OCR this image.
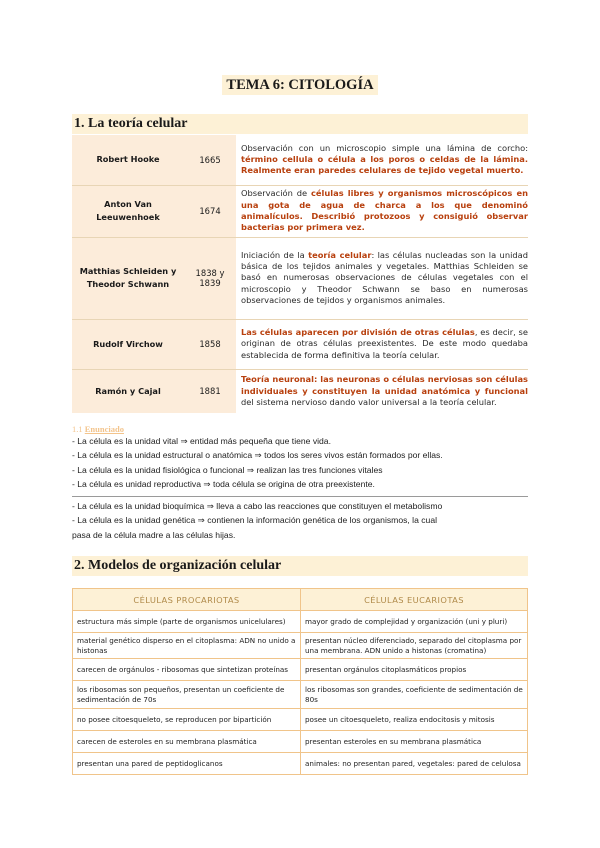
TEMA 6: CITOLOGÍA
1. La teoría celular
Robert Hooke	1665	Observación con un microscopio simple una lámina de corcho: término cellula o célula a los poros o celdas de la lámina. Realmente eran paredes celulares de tejido vegetal muerto.
Anton Van Leeuwenhoek	1674	Observación de células libres y organismos microscópicos en una gota de agua de charca a los que denominó animalículos. Describió protozoos y consiguió observar bacterias por primera vez.
Matthias Schleiden y Theodor Schwann	1838 y 1839	Iniciación de la teoría celular: las células nucleadas son la unidad básica de los tejidos animales y vegetales. Matthias Schleiden se basó en numerosas observaciones de células vegetales con el microscopio y Theodor Schwann se baso en numerosas observaciones de tejidos y organismos animales.
Rudolf Virchow	1858	Las células aparecen por división de otras células, es decir, se originan de otras células preexistentes. De este modo quedaba establecida de forma definitiva la teoría celular.
Ramón y Cajal	1881	Teoría neuronal: las neuronas o células nerviosas son células individuales y constituyen la unidad anatómica y funcional del sistema nervioso dando valor universal a la teoría celular.
1.1 Enunciado
- La célula es la unidad vital ⇒ entidad más pequeña que tiene vida.
- La célula es la unidad estructural o anatómica ⇒ todos los seres vivos están formados por ellas.
- La célula es la unidad fisiológica o funcional ⇒ realizan las tres funciones vitales
- La célula es unidad reproductiva ⇒ toda célula se origina de otra preexistente.
- La célula es la unidad bioquímica ⇒ lleva a cabo las reacciones que constituyen el metabolismo
- La célula es la unidad genética ⇒ contienen la información genética de los organismos, la cual
pasa de la célula madre a las células hijas.
2. Modelos de organización celular
CÉLULAS PROCARIOTAS	CÉLULAS EUCARIOTAS
estructura más simple (parte de organismos unicelulares)	mayor grado de complejidad y organización (uni y pluri)
material genético disperso en el citoplasma: ADN no unido a histonas	presentan núcleo diferenciado, separado del citoplasma por una membrana. ADN unido a histonas (cromatina)
carecen de orgánulos - ribosomas que sintetizan proteínas	presentan orgánulos citoplasmáticos propios
los ribosomas son pequeños, presentan un coeficiente de sedimentación de 70s	los ribosomas son grandes, coeficiente de sedimentación de 80s
no posee citoesqueleto, se reproducen por bipartición	posee un citoesqueleto, realiza endocitosis y mitosis
carecen de esteroles en su membrana plasmática	presentan esteroles en su membrana plasmática
presentan una pared de peptidoglicanos	animales: no presentan pared, vegetales: pared de celulosa
